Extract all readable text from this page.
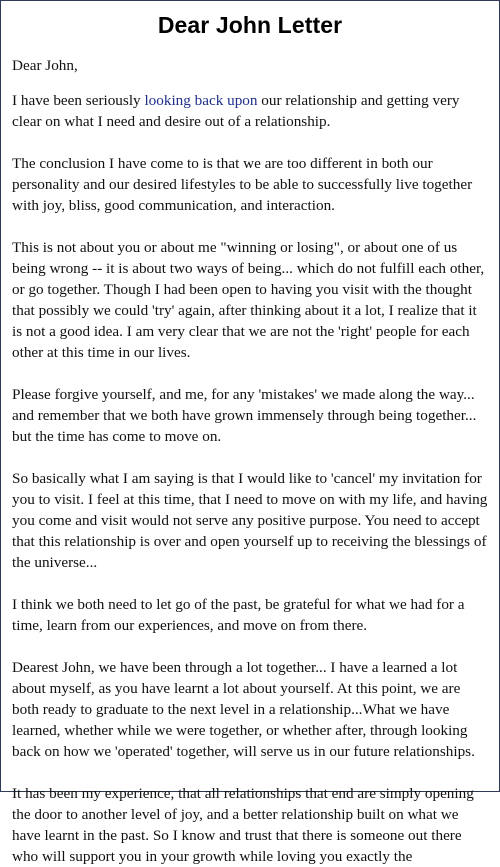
Dear John Letter

Dear John,

I have been seriously looking back upon our relationship and getting very clear on what I need and desire out of a relationship.

The conclusion I have come to is that we are too different in both our personality and our desired lifestyles to be able to successfully live together with joy, bliss, good communication, and interaction.

This is not about you or about me "winning or losing", or about one of us being wrong -- it is about two ways of being... which do not fulfill each other, or go together. Though I had been open to having you visit with the thought that possibly we could 'try' again, after thinking about it a lot, I realize that it is not a good idea. I am very clear that we are not the 'right' people for each other at this time in our lives.

Please forgive yourself, and me, for any 'mistakes' we made along the way... and remember that we both have grown immensely through being together... but the time has come to move on.

So basically what I am saying is that I would like to 'cancel' my invitation for you to visit. I feel at this time, that I need to move on with my life, and having you come and visit would not serve any positive purpose. You need to accept that this relationship is over and open yourself up to receiving the blessings of the universe...

I think we both need to let go of the past, be grateful for what we had for a time, learn from our experiences, and move on from there.

Dearest John, we have been through a lot together... I have a learned a lot about myself, as you have learnt a lot about yourself. At this point, we are both ready to graduate to the next level in a relationship...What we have learned, whether while we were together, or whether after, through looking back on how we 'operated' together, will serve us in our future relationships.

It has been my experience, that all relationships that end are simply opening the door to another level of joy, and a better relationship built on what we have learnt in the past. So I know and trust that there is someone out there who will support you in your growth while loving you exactly the
